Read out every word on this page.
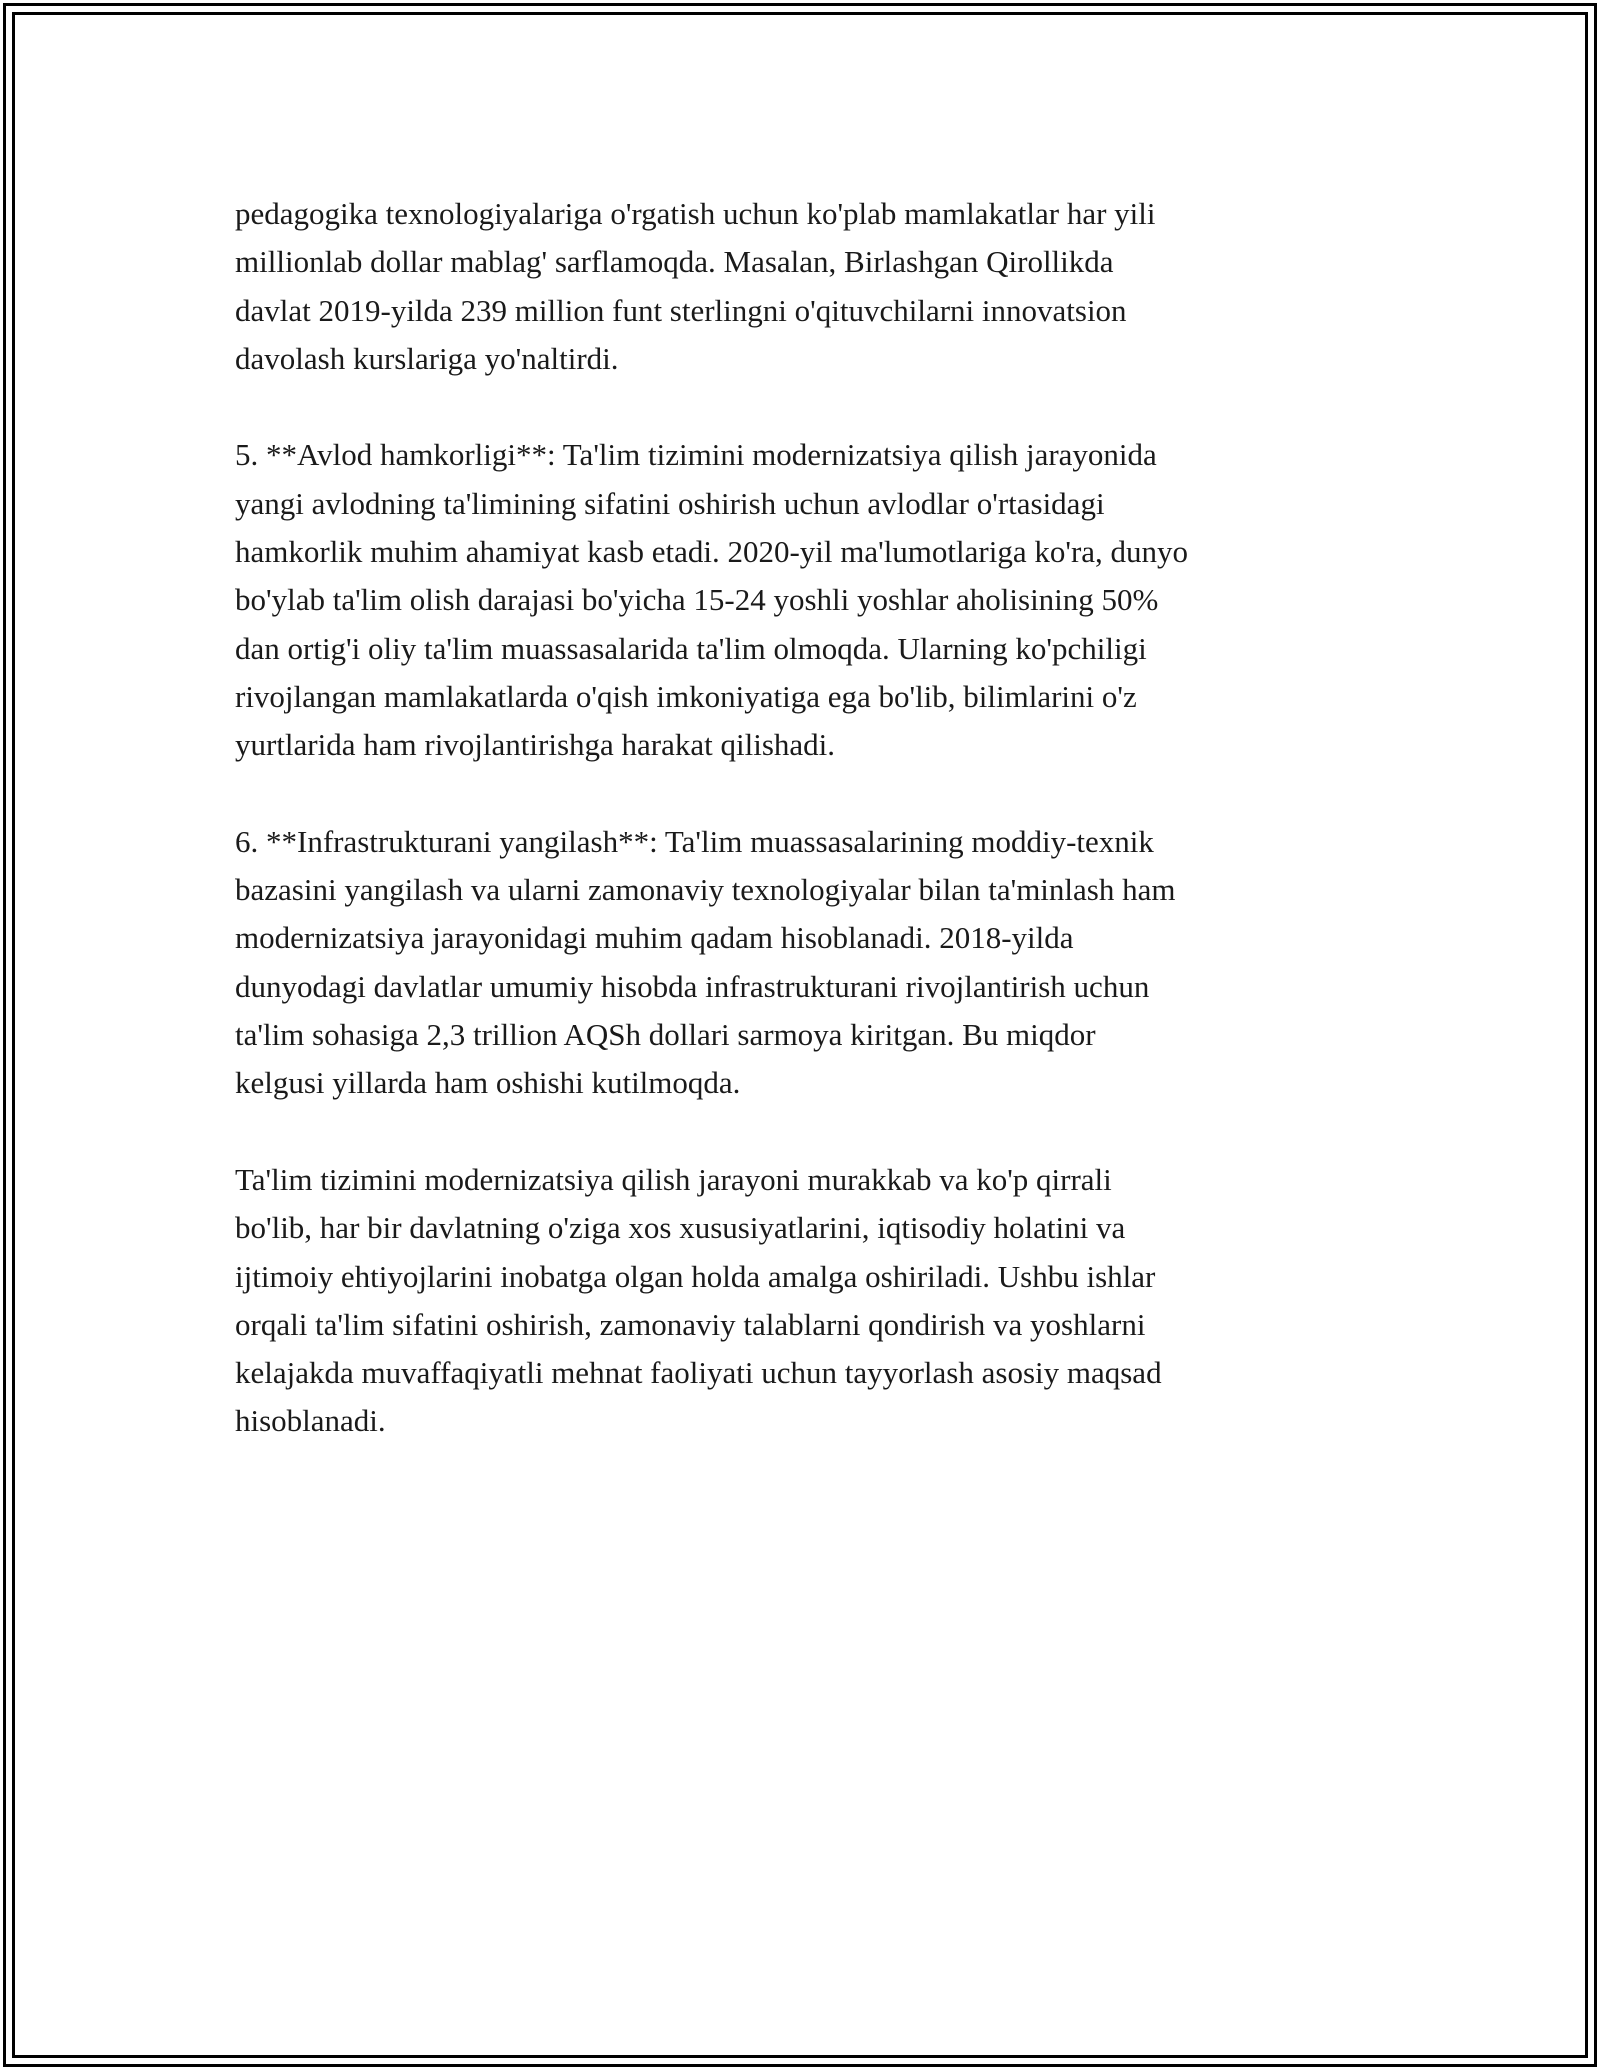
pedagogika texnologiyalariga o'rgatish uchun ko'plab mamlakatlar har yili
millionlab dollar mablag' sarflamoqda. Masalan, Birlashgan Qirollikda
davlat 2019-yilda 239 million funt sterlingni o'qituvchilarni innovatsion
davolash kurslariga yo'naltirdi.

5. **Avlod hamkorligi**: Ta'lim tizimini modernizatsiya qilish jarayonida
yangi avlodning ta'limining sifatini oshirish uchun avlodlar o'rtasidagi
hamkorlik muhim ahamiyat kasb etadi. 2020-yil ma'lumotlariga ko'ra, dunyo
bo'ylab ta'lim olish darajasi bo'yicha 15-24 yoshli yoshlar aholisining 50%
dan ortig'i oliy ta'lim muassasalarida ta'lim olmoqda. Ularning ko'pchiligi
rivojlangan mamlakatlarda o'qish imkoniyatiga ega bo'lib, bilimlarini o'z
yurtlarida ham rivojlantirishga harakat qilishadi.

6. **Infrastrukturani yangilash**: Ta'lim muassasalarining moddiy-texnik
bazasini yangilash va ularni zamonaviy texnologiyalar bilan ta'minlash ham
modernizatsiya jarayonidagi muhim qadam hisoblanadi. 2018-yilda
dunyodagi davlatlar umumiy hisobda infrastrukturani rivojlantirish uchun
ta'lim sohasiga 2,3 trillion AQSh dollari sarmoya kiritgan. Bu miqdor
kelgusi yillarda ham oshishi kutilmoqda.

Ta'lim tizimini modernizatsiya qilish jarayoni murakkab va ko'p qirrali
bo'lib, har bir davlatning o'ziga xos xususiyatlarini, iqtisodiy holatini va
ijtimoiy ehtiyojlarini inobatga olgan holda amalga oshiriladi. Ushbu ishlar
orqali ta'lim sifatini oshirish, zamonaviy talablarni qondirish va yoshlarni
kelajakda muvaffaqiyatli mehnat faoliyati uchun tayyorlash asosiy maqsad
hisoblanadi.
